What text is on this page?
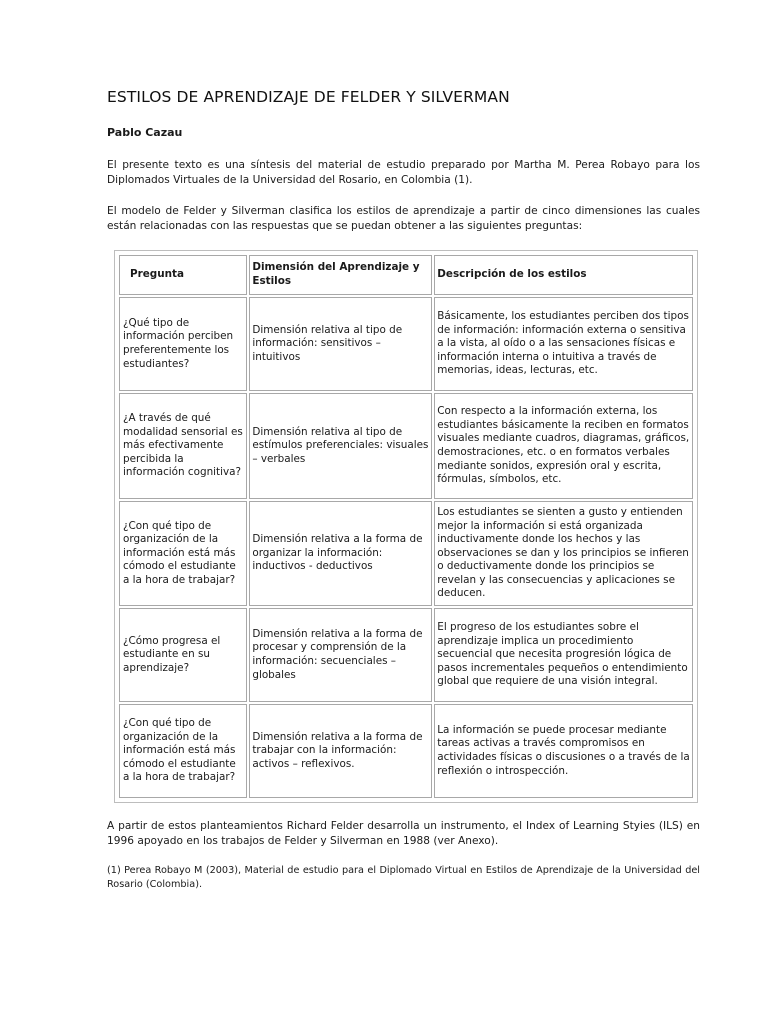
ESTILOS DE APRENDIZAJE DE FELDER Y SILVERMAN
Pablo Cazau

El presente texto es una síntesis del material de estudio preparado por Martha M. Perea Robayo para los Diplomados Virtuales de la Universidad del Rosario, en Colombia (1).

El modelo de Felder y Silverman clasifica los estilos de aprendizaje a partir de cinco dimensiones las cuales están relacionadas con las respuestas que se puedan obtener a las siguientes preguntas:

Pregunta	Dimensión del Aprendizaje y Estilos	Descripción de los estilos
¿Qué tipo de información perciben preferentemente los estudiantes?	Dimensión relativa al tipo de información: sensitivos – intuitivos	Básicamente, los estudiantes perciben dos tipos de información: información externa o sensitiva a la vista, al oído o a las sensaciones físicas e información interna o intuitiva a través de memorias, ideas, lecturas, etc.
¿A través de qué modalidad sensorial es más efectivamente percibida la información cognitiva?	Dimensión relativa al tipo de estímulos preferenciales: visuales – verbales	Con respecto a la información externa, los estudiantes básicamente la reciben en formatos visuales mediante cuadros, diagramas, gráficos, demostraciones, etc. o en formatos verbales mediante sonidos, expresión oral y escrita, fórmulas, símbolos, etc.
¿Con qué tipo de organización de la información está más cómodo el estudiante a la hora de trabajar?	Dimensión relativa a la forma de organizar la información: inductivos - deductivos	Los estudiantes se sienten a gusto y entienden mejor la información si está organizada inductivamente donde los hechos y las observaciones se dan y los principios se infieren o deductivamente donde los principios se revelan y las consecuencias y aplicaciones se deducen.
¿Cómo progresa el estudiante en su aprendizaje?	Dimensión relativa a la forma de procesar y comprensión de la información: secuenciales – globales	El progreso de los estudiantes sobre el aprendizaje implica un procedimiento secuencial que necesita progresión lógica de pasos incrementales pequeños o entendimiento global que requiere de una visión integral.
¿Con qué tipo de organización de la información está más cómodo el estudiante a la hora de trabajar?	Dimensión relativa a la forma de trabajar con la información: activos – reflexivos.	La información se puede procesar mediante tareas activas a través compromisos en actividades físicas o discusiones o a través de la reflexión o introspección.

A partir de estos planteamientos Richard Felder desarrolla un instrumento, el Index of Learning Styies (ILS) en 1996 apoyado en los trabajos de Felder y Silverman en 1988 (ver Anexo).

(1) Perea Robayo M (2003), Material de estudio para el Diplomado Virtual en Estilos de Aprendizaje de la Universidad del Rosario (Colombia).
